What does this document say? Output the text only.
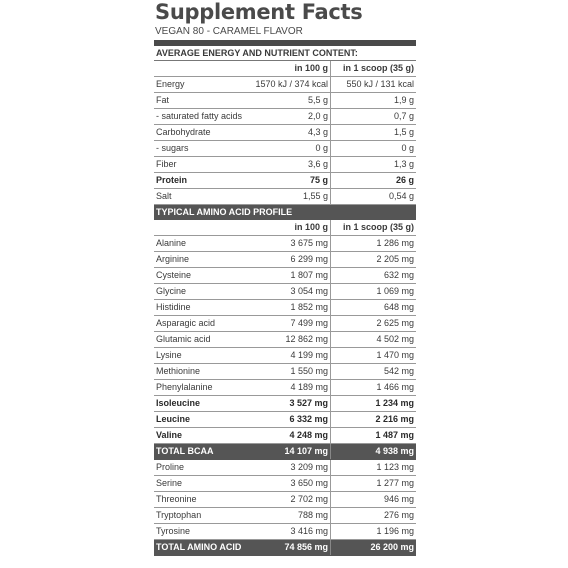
Supplement Facts
VEGAN 80 - CARAMEL FLAVOR
AVERAGE ENERGY AND NUTRIENT CONTENT:
	in 100 g	in 1 scoop (35 g)
Energy	1570 kJ / 374 kcal	550 kJ / 131 kcal
Fat	5,5 g	1,9 g
- saturated fatty acids	2,0 g	0,7 g
Carbohydrate	4,3 g	1,5 g
- sugars	0 g	0 g
Fiber	3,6 g	1,3 g
Protein	75 g	26 g
Salt	1,55 g	0,54 g
TYPICAL AMINO ACID PROFILE
	in 100 g	in 1 scoop (35 g)
Alanine	3 675 mg	1 286 mg
Arginine	6 299 mg	2 205 mg
Cysteine	1 807 mg	632 mg
Glycine	3 054 mg	1 069 mg
Histidine	1 852 mg	648 mg
Asparagic acid	7 499 mg	2 625 mg
Glutamic acid	12 862 mg	4 502 mg
Lysine	4 199 mg	1 470 mg
Methionine	1 550 mg	542 mg
Phenylalanine	4 189 mg	1 466 mg
Isoleucine	3 527 mg	1 234 mg
Leucine	6 332 mg	2 216 mg
Valine	4 248 mg	1 487 mg
TOTAL BCAA	14 107 mg	4 938 mg
Proline	3 209 mg	1 123 mg
Serine	3 650 mg	1 277 mg
Threonine	2 702 mg	946 mg
Tryptophan	788 mg	276 mg
Tyrosine	3 416 mg	1 196 mg
TOTAL AMINO ACID	74 856 mg	26 200 mg
